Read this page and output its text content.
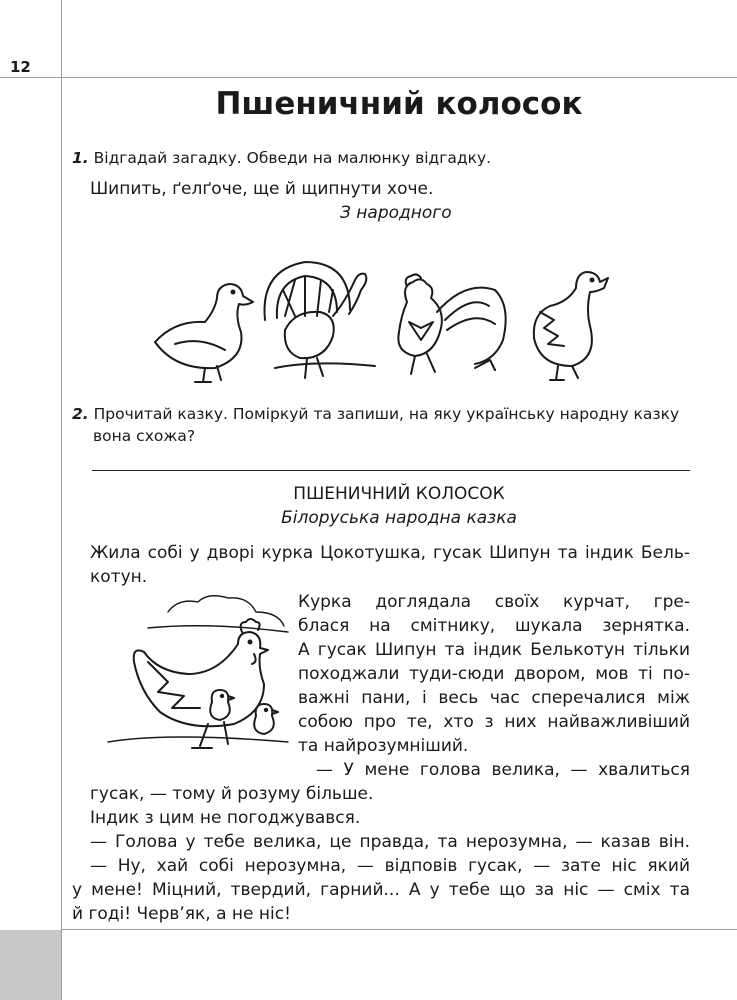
12
Пшеничний колосок
1. Відгадай загадку. Обведи на малюнку відгадку.
Шипить, ґелґоче, ще й щипнути хоче.
З народного
2. Прочитай казку. Поміркуй та запиши, на яку українську народну казку
вона схожа?
ПШЕНИЧНИЙ КОЛОСОК
Білоруська народна казка
Жила собі у дворі курка Цокотушка, гусак Шипун та індик Бель-
котун.
Курка доглядала своїх курчат, гре-
блася на смітнику, шукала зернятка.
А гусак Шипун та індик Белькотун тільки
походжали туди-сюди двором, мов ті по-
важні пани, і весь час сперечалися між
собою про те, хто з них найважливіший
та найрозумніший.
— У мене голова велика, — хвалиться
гусак, — тому й розуму більше.
Індик з цим не погоджувався.
— Голова у тебе велика, це правда, та нерозумна, — казав він.
— Ну, хай собі нерозумна, — відповів гусак, — зате ніс який
у мене! Міцний, твердий, гарний... А у тебе що за ніс — сміх та
й годі! Черв’як, а не ніс!
